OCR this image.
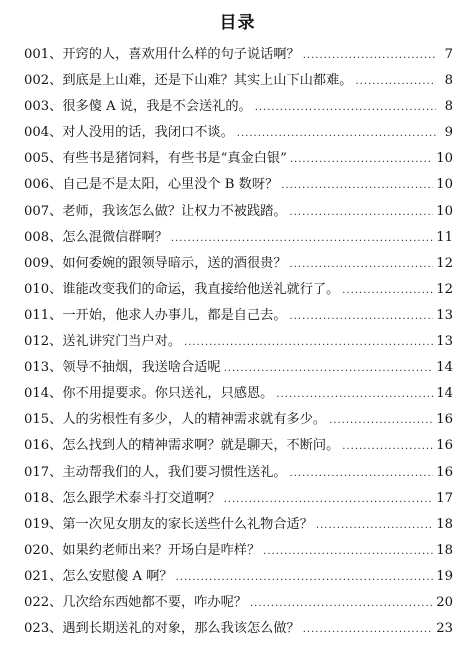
目录
001、 开窍的人，喜欢用什么样的句子说话啊？ .....	7
002、 到底是上山难，还是下山难？其实上山下山都难。 .....	8
003、 很多傻 A 说，我是不会送礼的。 .....	8
004、 对人没用的话，我闭口不谈。 .....	9
005、 有些书是猪饲料，有些书是“真金白银” .....	10
006、 自己是不是太阳，心里没个 B 数呀？ .....	10
007、 老师，我该怎么做？让权力不被践踏。 .....	10
008、 怎么混微信群啊？ .....	11
009、 如何委婉的跟领导暗示，送的酒很贵？ .....	12
010、 谁能改变我们的命运，我直接给他送礼就行了。 .....	12
011、 一开始，他求人办事儿，都是自己去。 .....	13
012、 送礼讲究门当户对。 .....	13
013、 领导不抽烟，我送啥合适呢 .....	14
014、 你不用提要求。你只送礼，只感恩。 .....	14
015、 人的劣根性有多少，人的精神需求就有多少。 .....	16
016、 怎么找到人的精神需求啊？就是聊天，不断问。 .....	16
017、 主动帮我们的人，我们要习惯性送礼。 .....	16
018、 怎么跟学术泰斗打交道啊？ .....	17
019、 第一次见女朋友的家长送些什么礼物合适？ .....	18
020、 如果约老师出来？开场白是咋样？ .....	18
021、 怎么安慰傻 A 啊？ .....	19
022、 几次给东西她都不要，咋办呢？ .....	20
023、 遇到长期送礼的对象，那么我该怎么做？ .....	23
